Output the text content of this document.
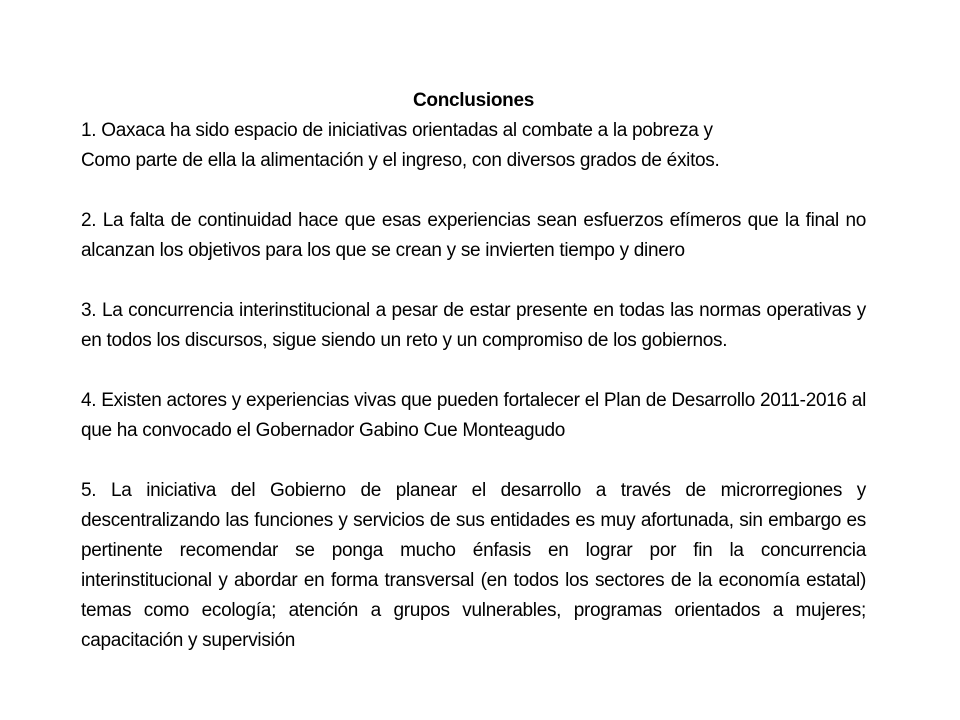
Conclusiones

1. Oaxaca ha sido espacio de iniciativas orientadas al combate a la pobreza y
Como parte de ella la alimentación y el ingreso, con diversos grados de éxitos.

2. La falta de continuidad hace que esas experiencias sean esfuerzos efímeros que la final no alcanzan los objetivos para los que se crean y se invierten tiempo y dinero

3. La concurrencia interinstitucional a pesar de estar presente en todas las normas operativas y en todos los discursos, sigue siendo un reto y un compromiso de los gobiernos.

4. Existen actores y experiencias vivas que pueden fortalecer el Plan de Desarrollo 2011-2016 al que ha convocado el Gobernador Gabino Cue Monteagudo

5. La iniciativa del Gobierno de planear el desarrollo a través de microrregiones y descentralizando las funciones y servicios de sus entidades es muy afortunada, sin embargo es pertinente recomendar se ponga mucho énfasis en lograr por fin la concurrencia interinstitucional y abordar en forma transversal (en todos los sectores de la economía estatal) temas como ecología; atención a grupos vulnerables, programas orientados a mujeres; capacitación y supervisión
